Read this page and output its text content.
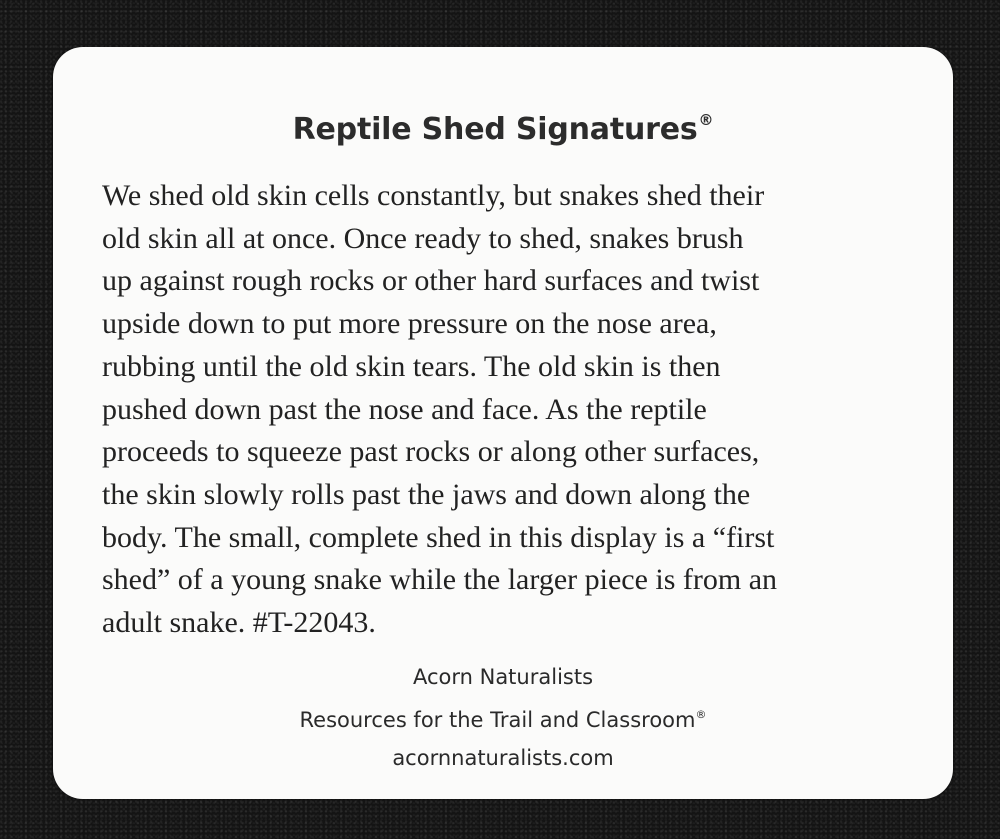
Reptile Shed Signatures®
We shed old skin cells constantly, but snakes shed their
old skin all at once. Once ready to shed, snakes brush
up against rough rocks or other hard surfaces and twist
upside down to put more pressure on the nose area,
rubbing until the old skin tears. The old skin is then
pushed down past the nose and face. As the reptile
proceeds to squeeze past rocks or along other surfaces,
the skin slowly rolls past the jaws and down along the
body. The small, complete shed in this display is a “first
shed” of a young snake while the larger piece is from an
adult snake. #T-22043.
Acorn Naturalists
Resources for the Trail and Classroom®
acornnaturalists.com
